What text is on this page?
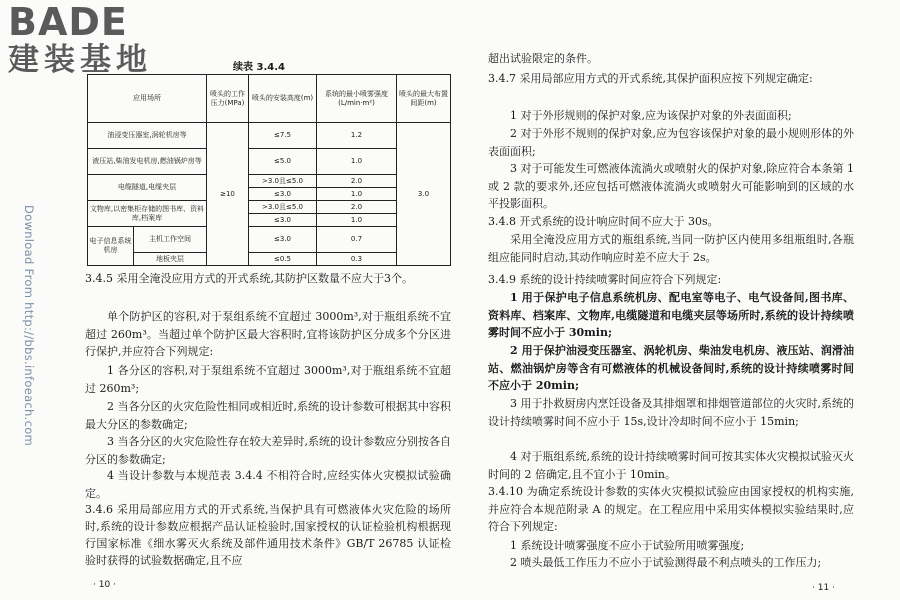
BADE
建装基地
Download From http://bbs.infoeach.com
续表 3.4.4
应用场所		喷头的工作压力(MPa)	喷头的安装高度(m)	系统的最小喷雾强度(L/min·m²)	喷头的最大布置间距(m)
油浸变压器室,涡轮机房等		≥10	≤7.5	1.2	3.0
液压站,柴油发电机房,燃油锅炉房等			≤5.0	1.0	
电缆隧道,电缆夹层			>3.0且≤5.0	2.0	
			≤3.0	1.0	
文物库,以密集柜存储的图书库、资料库,档案库			>3.0且≤5.0	2.0	
			≤3.0	1.0	
电子信息系统机房	主机工作空间		≤3.0	0.7	
	地板夹层		≤0.5	0.3	
3.4.5 采用全淹没应用方式的开式系统,其防护区数量不应大于3个。
单个防护区的容积,对于泵组系统不宜超过 3000m³,对于瓶组系统不宜超过 260m³。当超过单个防护区最大容积时,宜将该防护区分成多个分区进行保护,并应符合下列规定:
1 各分区的容积,对于泵组系统不宜超过 3000m³,对于瓶组系统不宜超过 260m³;
2 当各分区的火灾危险性相同或相近时,系统的设计参数可根据其中容积最大分区的参数确定;
3 当各分区的火灾危险性存在较大差异时,系统的设计参数应分别按各自分区的参数确定;
4 当设计参数与本规范表 3.4.4 不相符合时,应经实体火灾模拟试验确定。
3.4.6 采用局部应用方式的开式系统,当保护具有可燃液体火灾危险的场所时,系统的设计参数应根据产品认证检验时,国家授权的认证检验机构根据现行国家标准《细水雾灭火系统及部件通用技术条件》GB/T 26785 认证检验时获得的试验数据确定,且不应
· 10 ·
超出试验限定的条件。
3.4.7 采用局部应用方式的开式系统,其保护面积应按下列规定确定:
1 对于外形规则的保护对象,应为该保护对象的外表面面积;
2 对于外形不规则的保护对象,应为包容该保护对象的最小规则形体的外表面面积;
3 对于可能发生可燃液体流淌火或喷射火的保护对象,除应符合本条第 1 或 2 款的要求外,还应包括可燃液体流淌火或喷射火可能影响到的区域的水平投影面积。
3.4.8 开式系统的设计响应时间不应大于 30s。
采用全淹没应用方式的瓶组系统,当同一防护区内使用多组瓶组时,各瓶组应能同时启动,其动作响应时差不应大于 2s。
3.4.9 系统的设计持续喷雾时间应符合下列规定:
1 用于保护电子信息系统机房、配电室等电子、电气设备间,图书库、资料库、档案库、文物库,电缆隧道和电缆夹层等场所时,系统的设计持续喷雾时间不应小于 30min;
2 用于保护油浸变压器室、涡轮机房、柴油发电机房、液压站、润滑油站、燃油锅炉房等含有可燃液体的机械设备间时,系统的设计持续喷雾时间不应小于 20min;
3 用于扑救厨房内烹饪设备及其排烟罩和排烟管道部位的火灾时,系统的设计持续喷雾时间不应小于 15s,设计冷却时间不应小于 15min;
4 对于瓶组系统,系统的设计持续喷雾时间可按其实体火灾模拟试验灭火时间的 2 倍确定,且不宜小于 10min。
3.4.10 为确定系统设计参数的实体火灾模拟试验应由国家授权的机构实施,并应符合本规范附录 A 的规定。在工程应用中采用实体模拟实验结果时,应符合下列规定:
1 系统设计喷雾强度不应小于试验所用喷雾强度;
2 喷头最低工作压力不应小于试验测得最不利点喷头的工作压力;
· 11 ·
